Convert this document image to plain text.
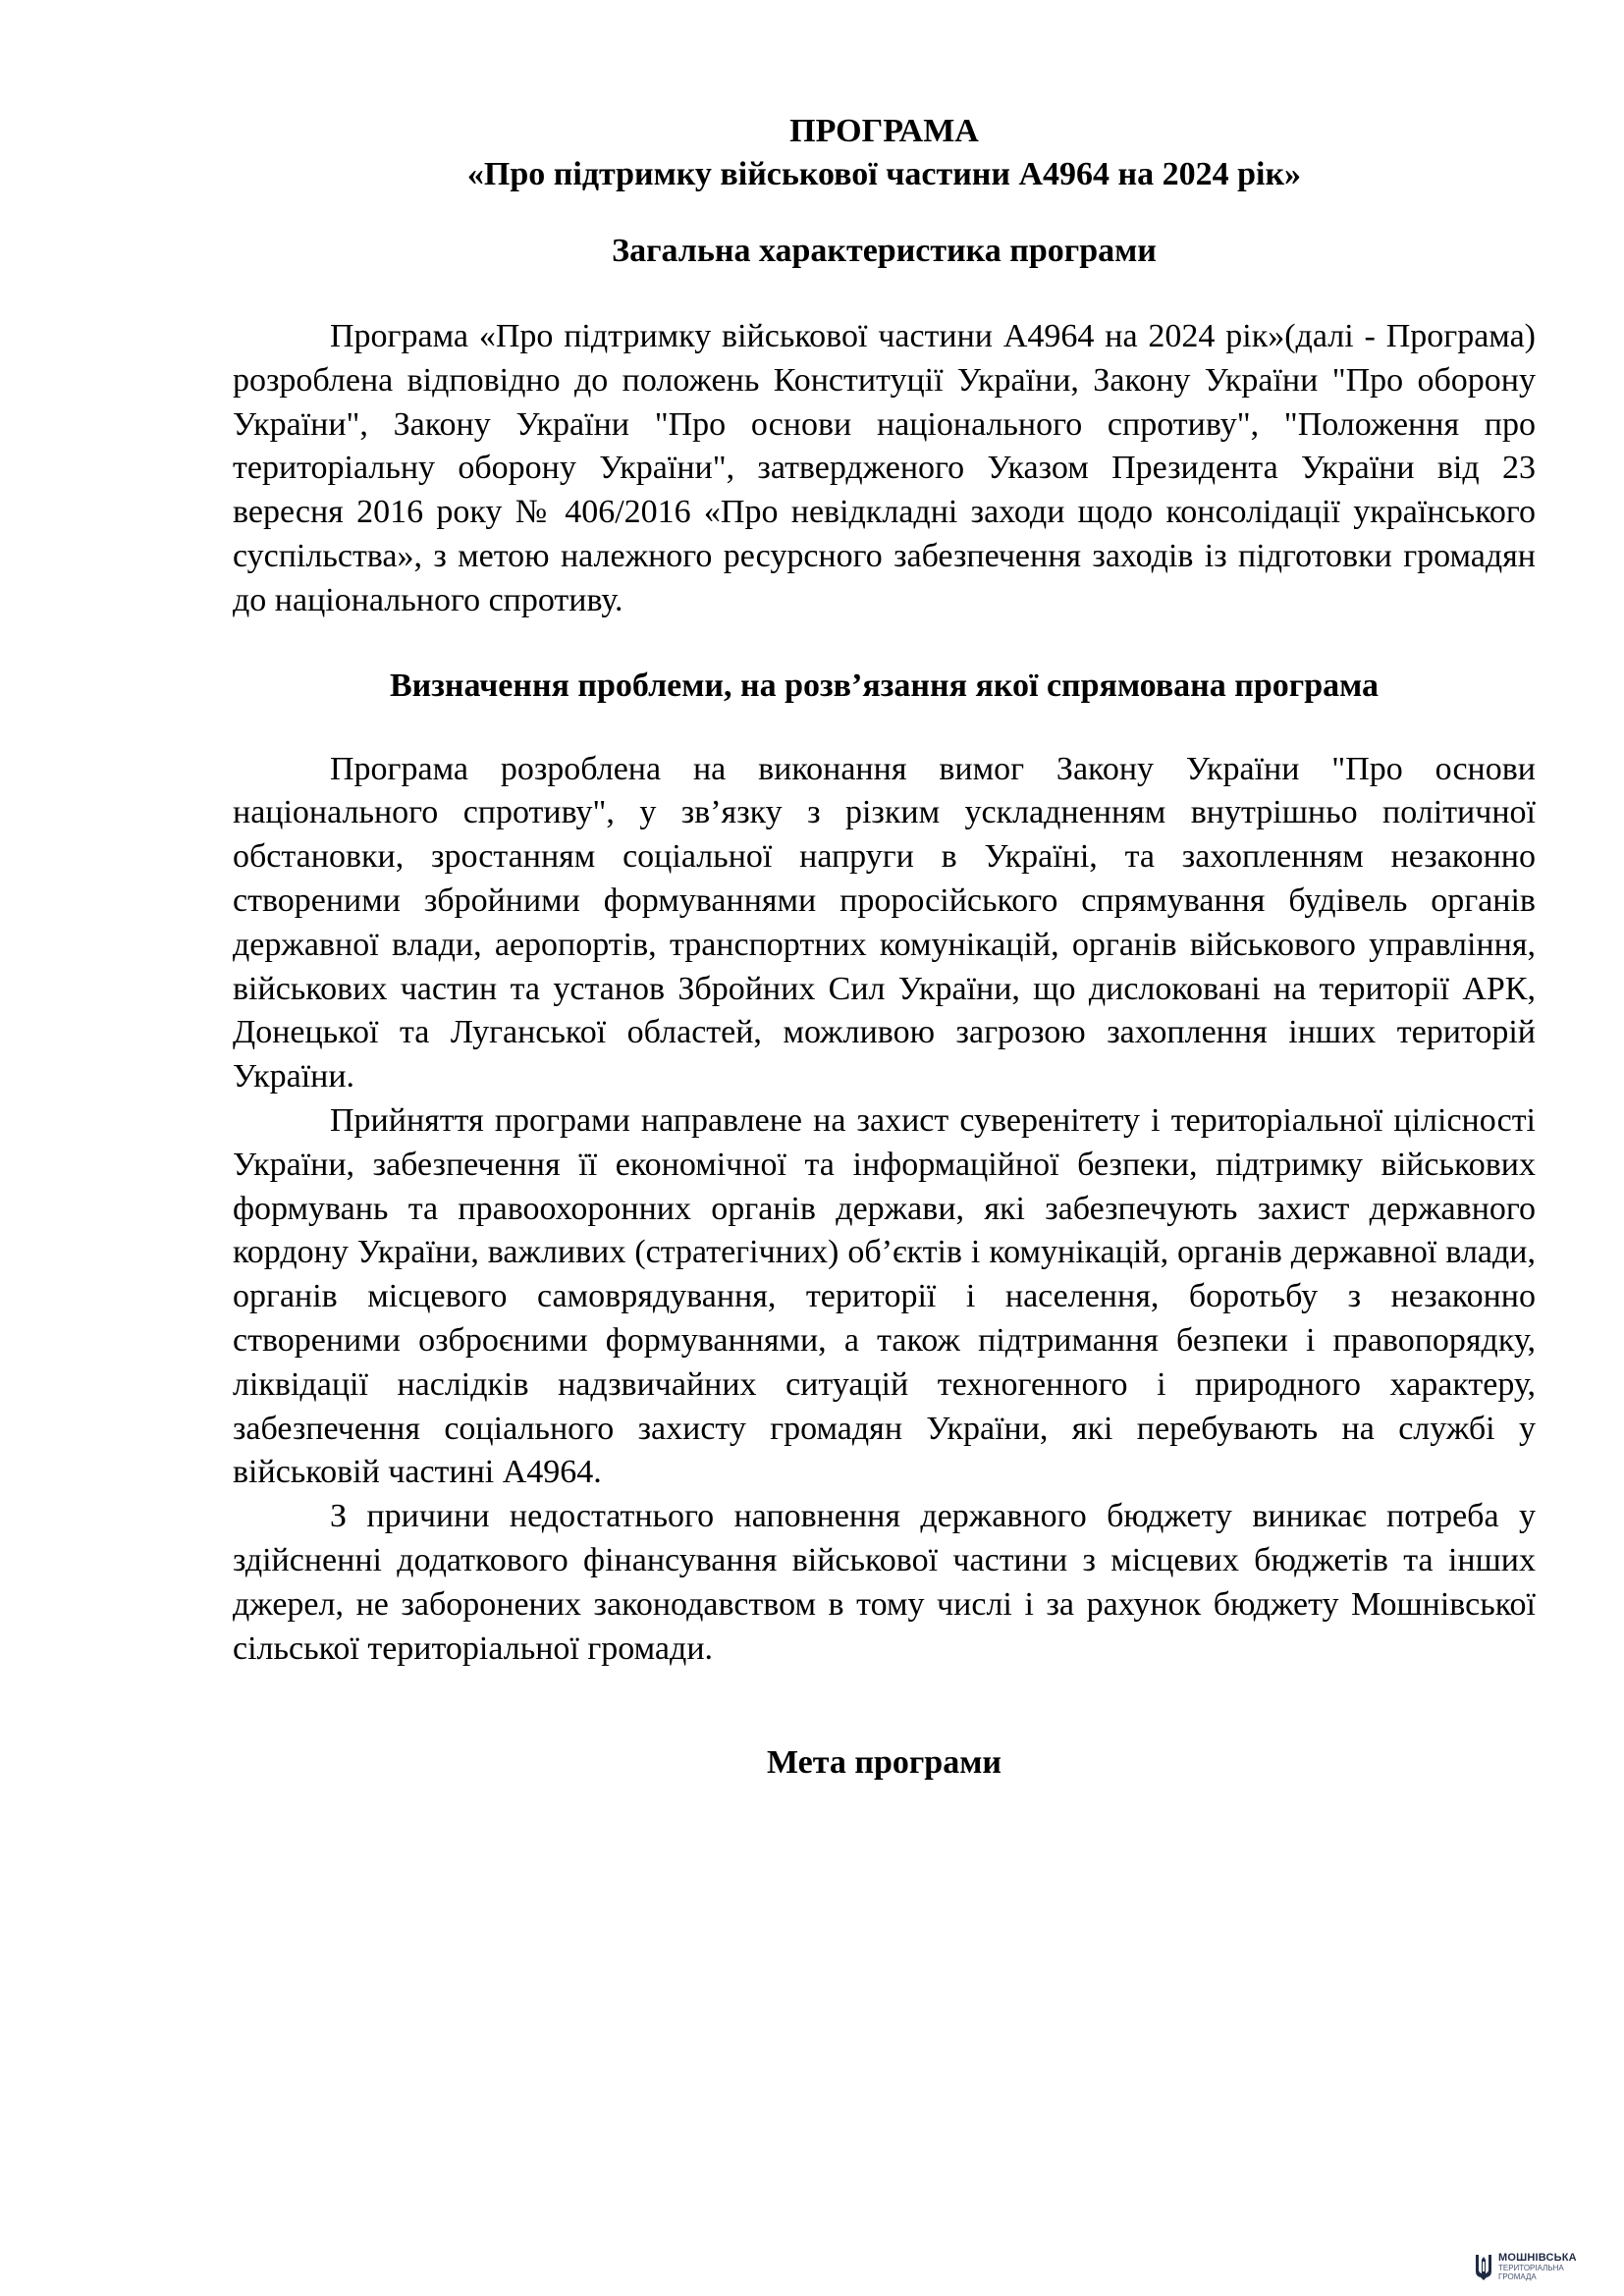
ПРОГРАМА

«Про підтримку військової частини А4964 на 2024 рік»

Загальна характеристика програми

Програма «Про підтримку військової частини А4964 на 2024 рік»(далі - Програма) розроблена відповідно до положень Конституції України, Закону України "Про оборону України", Закону України "Про основи національного спротиву", "Положення про територіальну оборону України", затвердженого Указом Президента України від 23 вересня 2016 року № 406/2016 «Про невідкладні заходи щодо консолідації українського суспільства», з метою належного ресурсного забезпечення заходів із підготовки громадян до національного спротиву.

Визначення проблеми, на розв’язання якої спрямована програма

Програма розроблена на виконання вимог Закону України "Про основи національного спротиву", у зв’язку з різким ускладненням внутрішньо політичної обстановки, зростанням соціальної напруги в Україні, та захопленням незаконно створеними збройними формуваннями проросійського спрямування будівель органів державної влади, аеропортів, транспортних комунікацій, органів військового управління, військових частин та установ Збройних Сил України, що дислоковані на території АРК, Донецької та Луганської областей, можливою загрозою захоплення інших територій України.

Прийняття програми направлене на захист суверенітету і територіальної цілісності України, забезпечення її економічної та інформаційної безпеки, підтримку військових формувань та правоохоронних органів держави, які забезпечують захист державного кордону України, важливих (стратегічних) об’єктів і комунікацій, органів державної влади, органів місцевого самоврядування, території і населення, боротьбу з незаконно створеними озброєними формуваннями, а також підтримання безпеки і правопорядку, ліквідації наслідків надзвичайних ситуацій техногенного і природного характеру, забезпечення соціального захисту громадян України, які перебувають на службі у військовій частині А4964.

З причини недостатнього наповнення державного бюджету виникає потреба у здійсненні додаткового фінансування військової частини з місцевих бюджетів та інших джерел, не заборонених законодавством в тому числі і за рахунок бюджету Мошнівської сільської територіальної громади.

Мета програми

МОШНІВСЬКА
ТЕРИТОРІАЛЬНА
ГРОМАДА
